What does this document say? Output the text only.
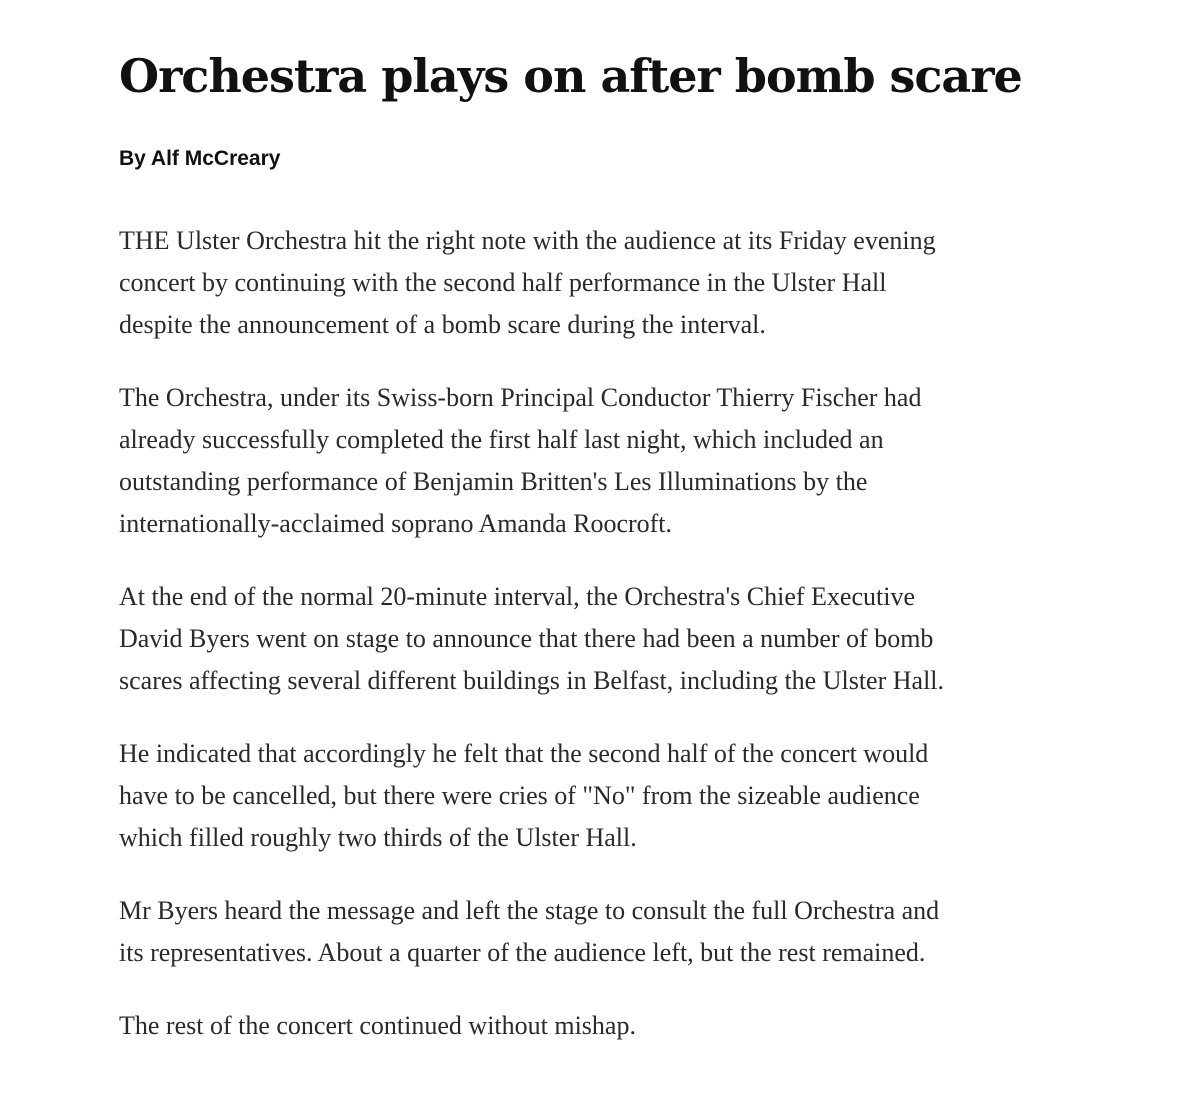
Orchestra plays on after bomb scare
By Alf McCreary

THE Ulster Orchestra hit the right note with the audience at its Friday evening
concert by continuing with the second half performance in the Ulster Hall
despite the announcement of a bomb scare during the interval.

The Orchestra, under its Swiss-born Principal Conductor Thierry Fischer had
already successfully completed the first half last night, which included an
outstanding performance of Benjamin Britten's Les Illuminations by the
internationally-acclaimed soprano Amanda Roocroft.

At the end of the normal 20-minute interval, the Orchestra's Chief Executive
David Byers went on stage to announce that there had been a number of bomb
scares affecting several different buildings in Belfast, including the Ulster Hall.

He indicated that accordingly he felt that the second half of the concert would
have to be cancelled, but there were cries of "No" from the sizeable audience
which filled roughly two thirds of the Ulster Hall.

Mr Byers heard the message and left the stage to consult the full Orchestra and
its representatives. About a quarter of the audience left, but the rest remained.

The rest of the concert continued without mishap.
